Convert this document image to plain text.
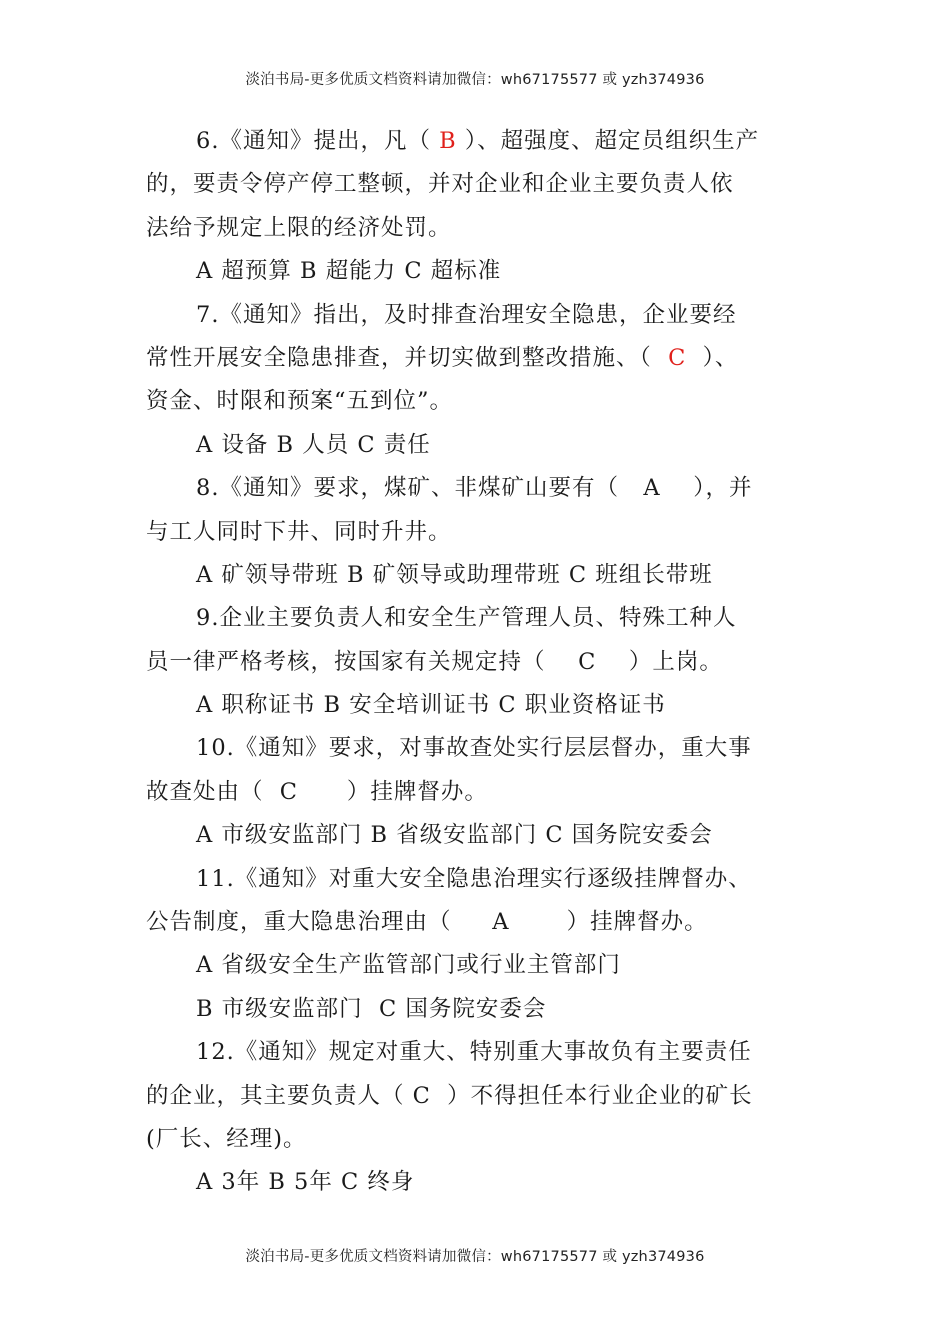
淡泊书局-更多优质文档资料请加微信：wh67175577 或 yzh374936
6.《通知》提出，凡（ B ）、超强度、超定员组织生产
的，要责令停产停工整顿，并对企业和企业主要负责人依
法给予规定上限的经济处罚。
A 超预算 B 超能力 C 超标准
7.《通知》指出，及时排查治理安全隐患，企业要经
常性开展安全隐患排查，并切实做到整改措施、（  C  ）、
资金、时限和预案“五到位”。
A 设备 B 人员 C 责任
8.《通知》要求，煤矿、非煤矿山要有（   A    ），并
与工人同时下井、同时升井。
A 矿领导带班 B 矿领导或助理带班 C 班组长带班
9.企业主要负责人和安全生产管理人员、特殊工种人
员一律严格考核，按国家有关规定持（    C    ）上岗。
A 职称证书 B 安全培训证书 C 职业资格证书
10.《通知》要求，对事故查处实行层层督办，重大事
故查处由（  C      ）挂牌督办。
A 市级安监部门 B 省级安监部门 C 国务院安委会
11.《通知》对重大安全隐患治理实行逐级挂牌督办、
公告制度，重大隐患治理由（     A       ）挂牌督办。
A 省级安全生产监管部门或行业主管部门
B 市级安监部门  C 国务院安委会
12.《通知》规定对重大、特别重大事故负有主要责任
的企业，其主要负责人（ C  ）不得担任本行业企业的矿长
(厂长、经理)。
A 3年 B 5年 C 终身
淡泊书局-更多优质文档资料请加微信：wh67175577 或 yzh374936
